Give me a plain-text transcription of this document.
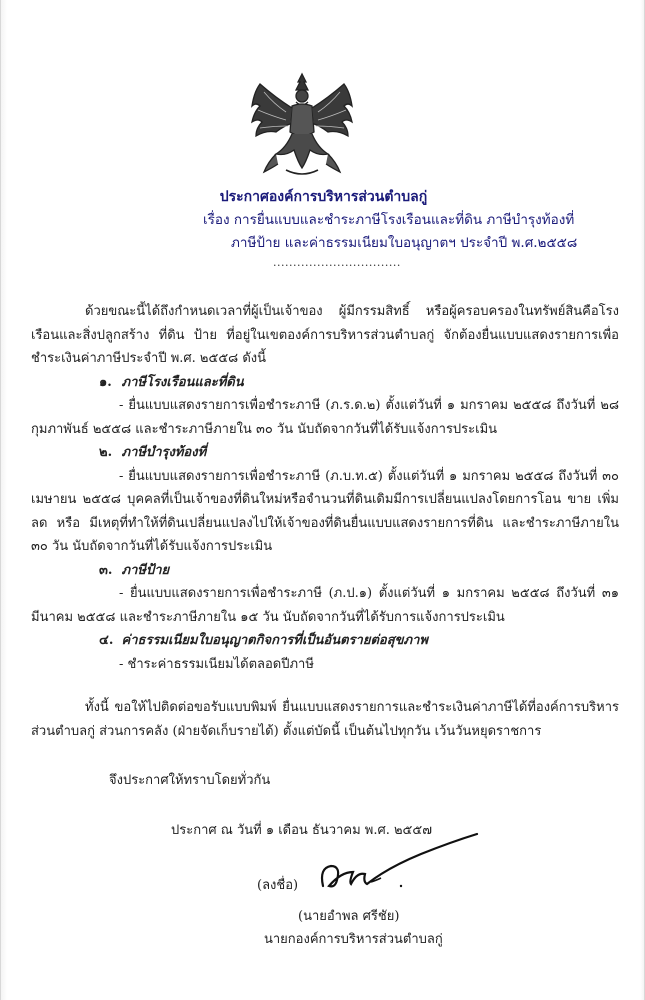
ประกาศองค์การบริหารส่วนตำบลกู่

เรื่อง การยื่นแบบและชำระภาษีโรงเรือนและที่ดิน ภาษีบำรุงท้องที่
ภาษีป้าย และค่าธรรมเนียมใบอนุญาตฯ ประจำปี พ.ศ.๒๕๕๘
................................

ด้วยขณะนี้ได้ถึงกำหนดเวลาที่ผู้เป็นเจ้าของ ผู้มีกรรมสิทธิ์ หรือผู้ครอบครองในทรัพย์สินคือโรงเรือนและสิ่งปลูกสร้าง ที่ดิน ป้าย ที่อยู่ในเขตองค์การบริหารส่วนตำบลกู่ จักต้องยื่นแบบแสดงรายการเพื่อชำระเงินค่าภาษีประจำปี พ.ศ. ๒๕๕๘ ดังนี้

๑. ภาษีโรงเรือนและที่ดิน

- ยื่นแบบแสดงรายการเพื่อชำระภาษี (ภ.ร.ด.๒) ตั้งแต่วันที่ ๑ มกราคม ๒๕๕๘ ถึงวันที่ ๒๘ กุมภาพันธ์ ๒๕๕๘ และชำระภาษีภายใน ๓๐ วัน นับถัดจากวันที่ได้รับแจ้งการประเมิน

๒. ภาษีบำรุงท้องที่

- ยื่นแบบแสดงรายการเพื่อชำระภาษี (ภ.บ.ท.๕) ตั้งแต่วันที่ ๑ มกราคม ๒๕๕๘ ถึงวันที่ ๓๐ เมษายน ๒๕๕๘ บุคคลที่เป็นเจ้าของที่ดินใหม่หรือจำนวนที่ดินเดิมมีการเปลี่ยนแปลงโดยการโอน ขาย เพิ่ม ลด หรือ มีเหตุที่ทำให้ที่ดินเปลี่ยนแปลงไปให้เจ้าของที่ดินยื่นแบบแสดงรายการที่ดิน และชำระภาษีภายใน ๓๐ วัน นับถัดจากวันที่ได้รับแจ้งการประเมิน

๓. ภาษีป้าย

- ยื่นแบบแสดงรายการเพื่อชำระภาษี (ภ.ป.๑) ตั้งแต่วันที่ ๑ มกราคม ๒๕๕๘ ถึงวันที่ ๓๑ มีนาคม ๒๕๕๘ และชำระภาษีภายใน ๑๕ วัน นับถัดจากวันที่ได้รับการแจ้งการประเมิน

๔. ค่าธรรมเนียมใบอนุญาตกิจการที่เป็นอันตรายต่อสุขภาพ

- ชำระค่าธรรมเนียมได้ตลอดปีภาษี

ทั้งนี้ ขอให้ไปติดต่อขอรับแบบพิมพ์ ยื่นแบบแสดงรายการและชำระเงินค่าภาษีได้ที่องค์การบริหารส่วนตำบลกู่ ส่วนการคลัง (ฝ่ายจัดเก็บรายได้) ตั้งแต่บัดนี้ เป็นต้นไปทุกวัน เว้นวันหยุดราชการ

จึงประกาศให้ทราบโดยทั่วกัน

ประกาศ ณ วันที่ ๑ เดือน ธันวาคม พ.ศ. ๒๕๕๗

(ลงชื่อ)
(นายอำพล ศรีชัย)
นายกองค์การบริหารส่วนตำบลกู่
